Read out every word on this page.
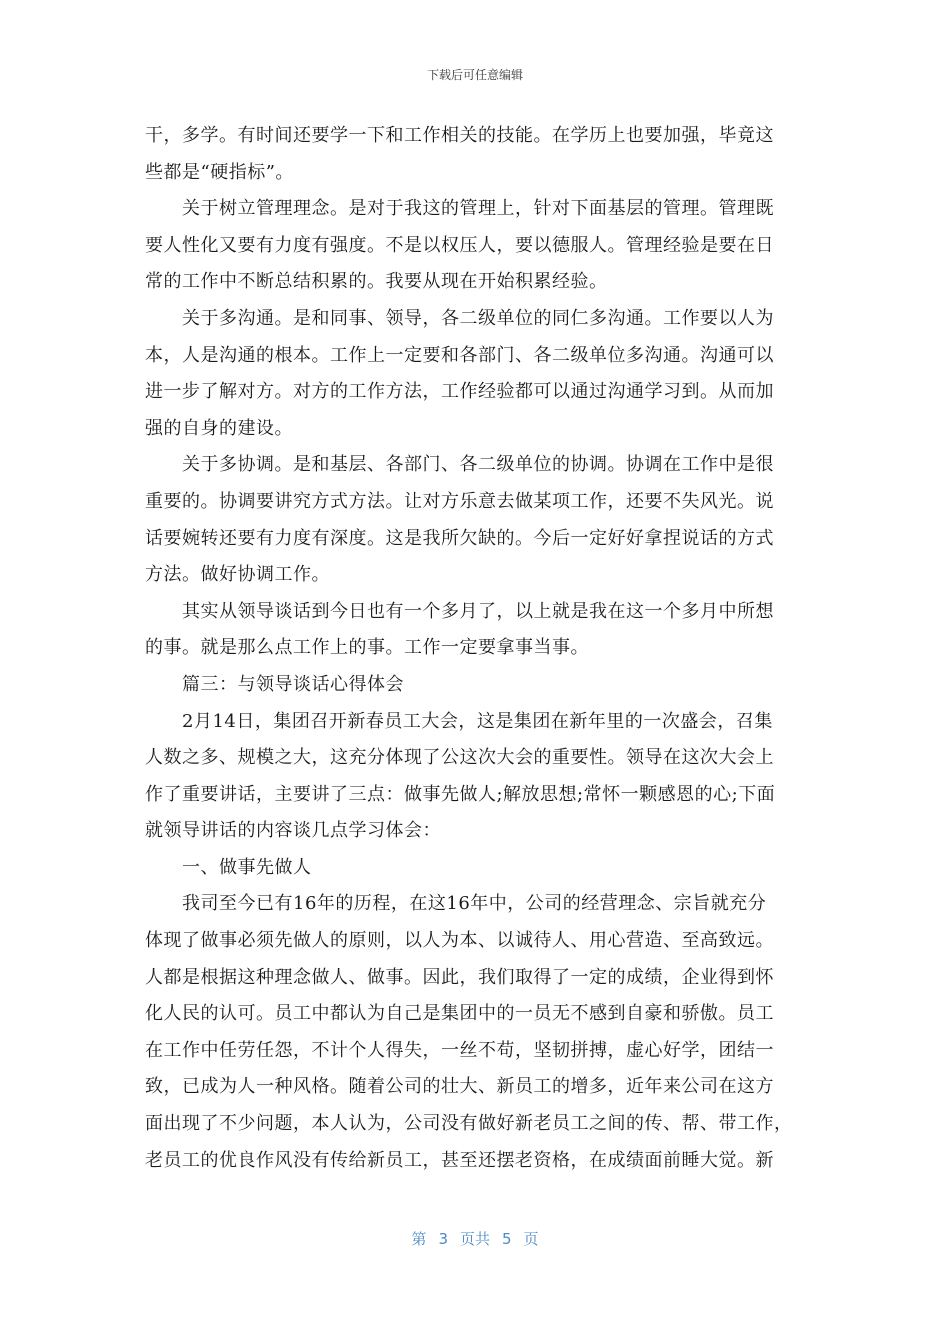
下载后可任意编辑
干，多学。有时间还要学一下和工作相关的技能。在学历上也要加强，毕竟这
些都是“硬指标”。
关于树立管理理念。是对于我这的管理上，针对下面基层的管理。管理既
要人性化又要有力度有强度。不是以权压人，要以德服人。管理经验是要在日
常的工作中不断总结积累的。我要从现在开始积累经验。
关于多沟通。是和同事、领导，各二级单位的同仁多沟通。工作要以人为
本，人是沟通的根本。工作上一定要和各部门、各二级单位多沟通。沟通可以
进一步了解对方。对方的工作方法，工作经验都可以通过沟通学习到。从而加
强的自身的建设。
关于多协调。是和基层、各部门、各二级单位的协调。协调在工作中是很
重要的。协调要讲究方式方法。让对方乐意去做某项工作，还要不失风光。说
话要婉转还要有力度有深度。这是我所欠缺的。今后一定好好拿捏说话的方式
方法。做好协调工作。
其实从领导谈话到今日也有一个多月了，以上就是我在这一个多月中所想
的事。就是那么点工作上的事。工作一定要拿事当事。
篇三：与领导谈话心得体会
2月14日，集团召开新春员工大会，这是集团在新年里的一次盛会，召集
人数之多、规模之大，这充分体现了公这次大会的重要性。领导在这次大会上
作了重要讲话，主要讲了三点：做事先做人;解放思想;常怀一颗感恩的心;下面
就领导讲话的内容谈几点学习体会：
一、做事先做人
我司至今已有16年的历程，在这16年中，公司的经营理念、宗旨就充分
体现了做事必须先做人的原则，以人为本、以诚待人、用心营造、至高致远。
人都是根据这种理念做人、做事。因此，我们取得了一定的成绩，企业得到怀
化人民的认可。员工中都认为自己是集团中的一员无不感到自豪和骄傲。员工
在工作中任劳任怨，不计个人得失，一丝不苟，坚韧拼搏，虚心好学，团结一
致，已成为人一种风格。随着公司的壮大、新员工的增多，近年来公司在这方
面出现了不少问题，本人认为，公司没有做好新老员工之间的传、帮、带工作，
老员工的优良作风没有传给新员工，甚至还摆老资格，在成绩面前睡大觉。新
第 3 页共 5 页
